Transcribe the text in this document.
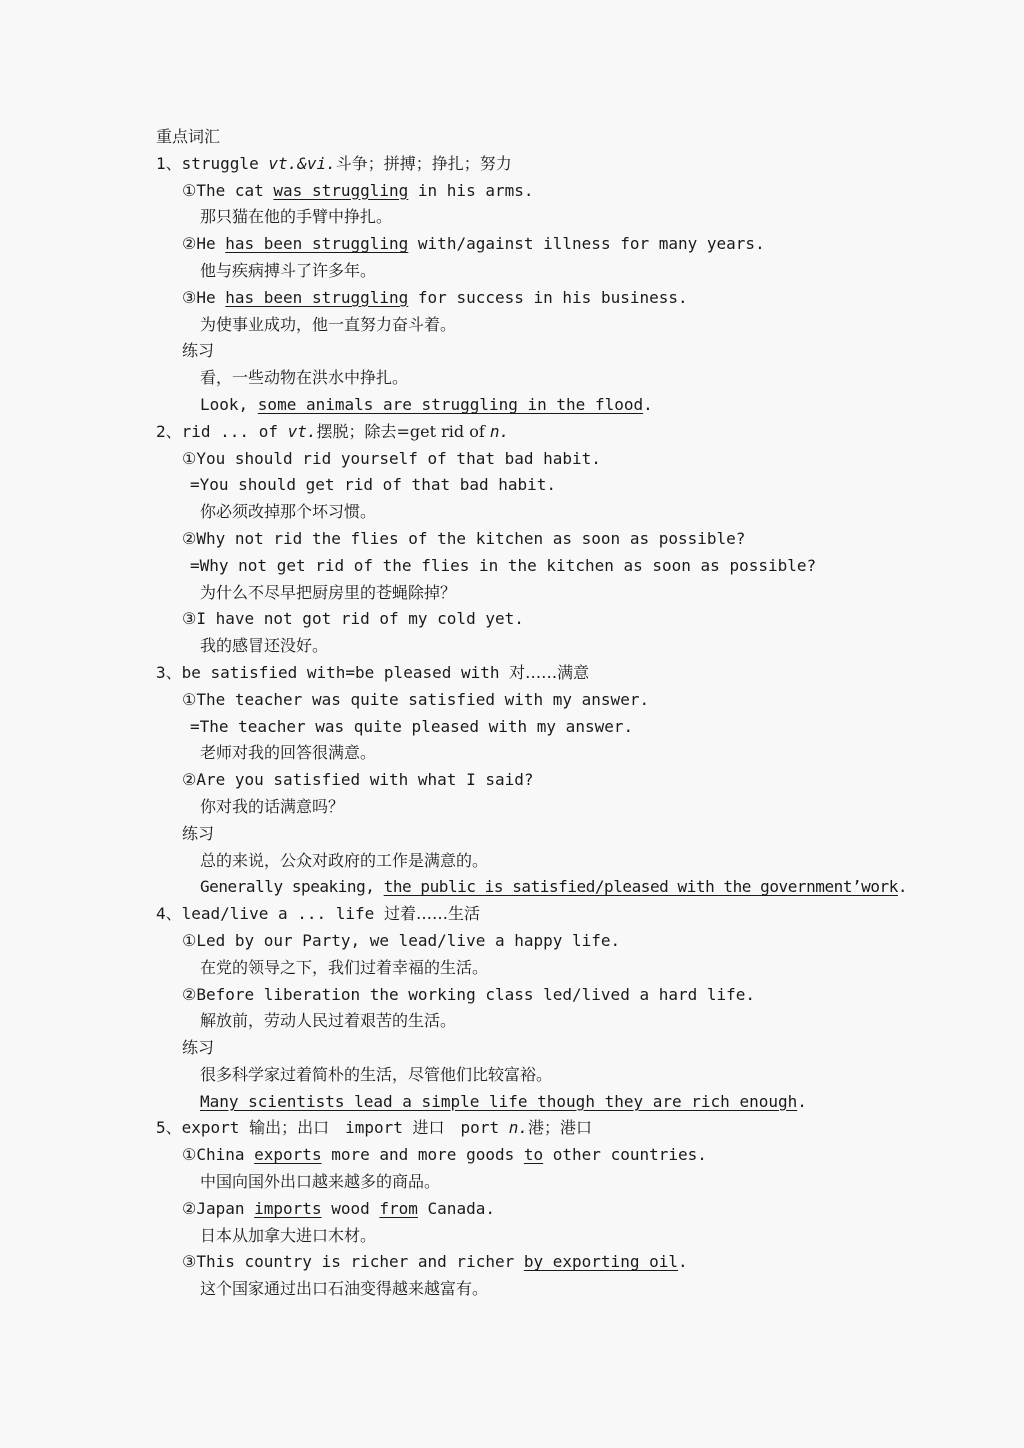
重点词汇
1、struggle vt.&vi.斗争；拼搏；挣扎；努力
①The cat was struggling in his arms.
那只猫在他的手臂中挣扎。
②He has been struggling with/against illness for many years.
他与疾病搏斗了许多年。
③He has been struggling for success in his business.
为使事业成功，他一直努力奋斗着。
练习
看，一些动物在洪水中挣扎。
Look, some animals are struggling in the flood.
2、rid ... of vt.摆脱；除去=get rid of n.
①You should rid yourself of that bad habit.
=You should get rid of that bad habit.
你必须改掉那个坏习惯。
②Why not rid the flies of the kitchen as soon as possible?
=Why not get rid of the flies in the kitchen as soon as possible?
为什么不尽早把厨房里的苍蝇除掉？
③I have not got rid of my cold yet.
我的感冒还没好。
3、be satisfied with=be pleased with 对……满意
①The teacher was quite satisfied with my answer.
=The teacher was quite pleased with my answer.
老师对我的回答很满意。
②Are you satisfied with what I said?
你对我的话满意吗？
练习
总的来说，公众对政府的工作是满意的。
Generally speaking, the public is satisfied/pleased with the government’work.
4、lead/live a ... life 过着……生活
①Led by our Party, we lead/live a happy life.
在党的领导之下，我们过着幸福的生活。
②Before liberation the working class led/lived a hard life.
解放前，劳动人民过着艰苦的生活。
练习
很多科学家过着简朴的生活，尽管他们比较富裕。
Many scientists lead a simple life though they are rich enough.
5、export 输出；出口　import 进口　port n.港；港口
①China exports more and more goods to other countries.
中国向国外出口越来越多的商品。
②Japan imports wood from Canada.
日本从加拿大进口木材。
③This country is richer and richer by exporting oil.
这个国家通过出口石油变得越来越富有。
